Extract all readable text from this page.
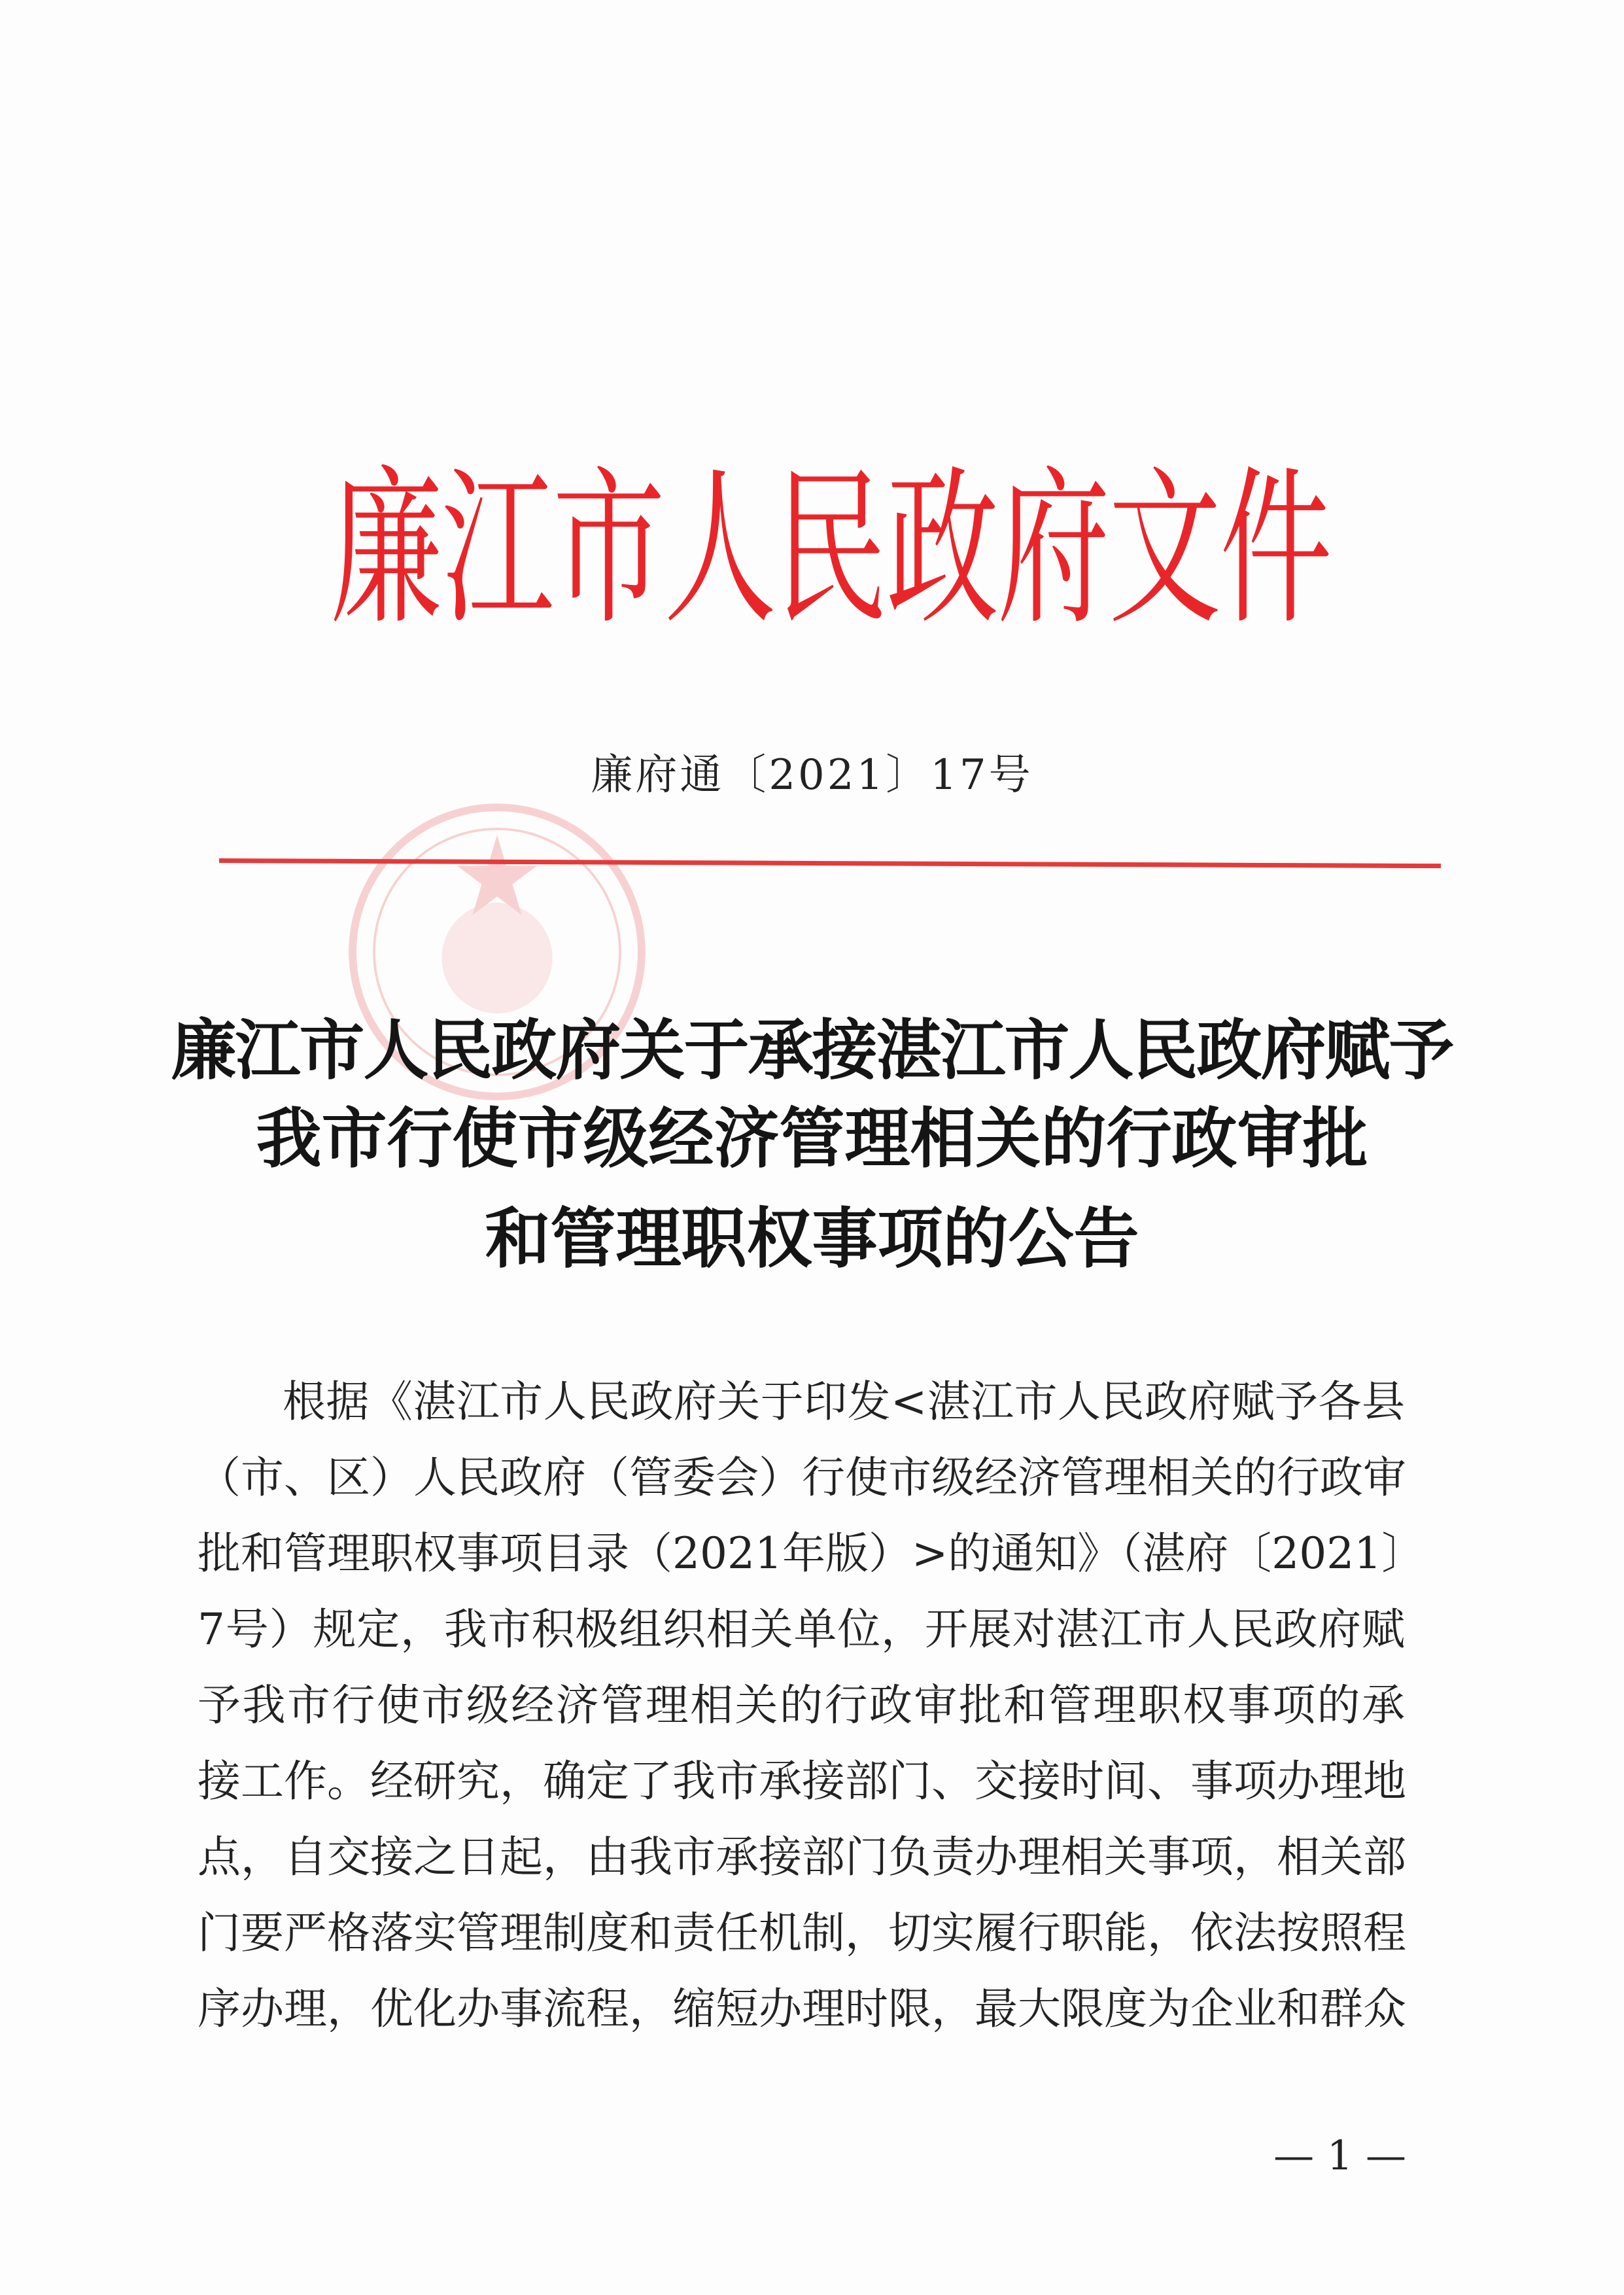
廉江市人民政府文件
廉府通〔2021〕17号
廉江市人民政府关于承接湛江市人民政府赋予
我市行使市级经济管理相关的行政审批
和管理职权事项的公告
根据《湛江市人民政府关于印发<湛江市人民政府赋予各县
（市、区）人民政府（管委会）行使市级经济管理相关的行政审
批和管理职权事项目录（2021年版）>的通知》（湛府〔2021〕
7号）规定，我市积极组织相关单位，开展对湛江市人民政府赋
予我市行使市级经济管理相关的行政审批和管理职权事项的承
接工作。经研究，确定了我市承接部门、交接时间、事项办理地
点，自交接之日起，由我市承接部门负责办理相关事项，相关部
门要严格落实管理制度和责任机制，切实履行职能，依法按照程
序办理，优化办事流程，缩短办理时限，最大限度为企业和群众
— 1 —
